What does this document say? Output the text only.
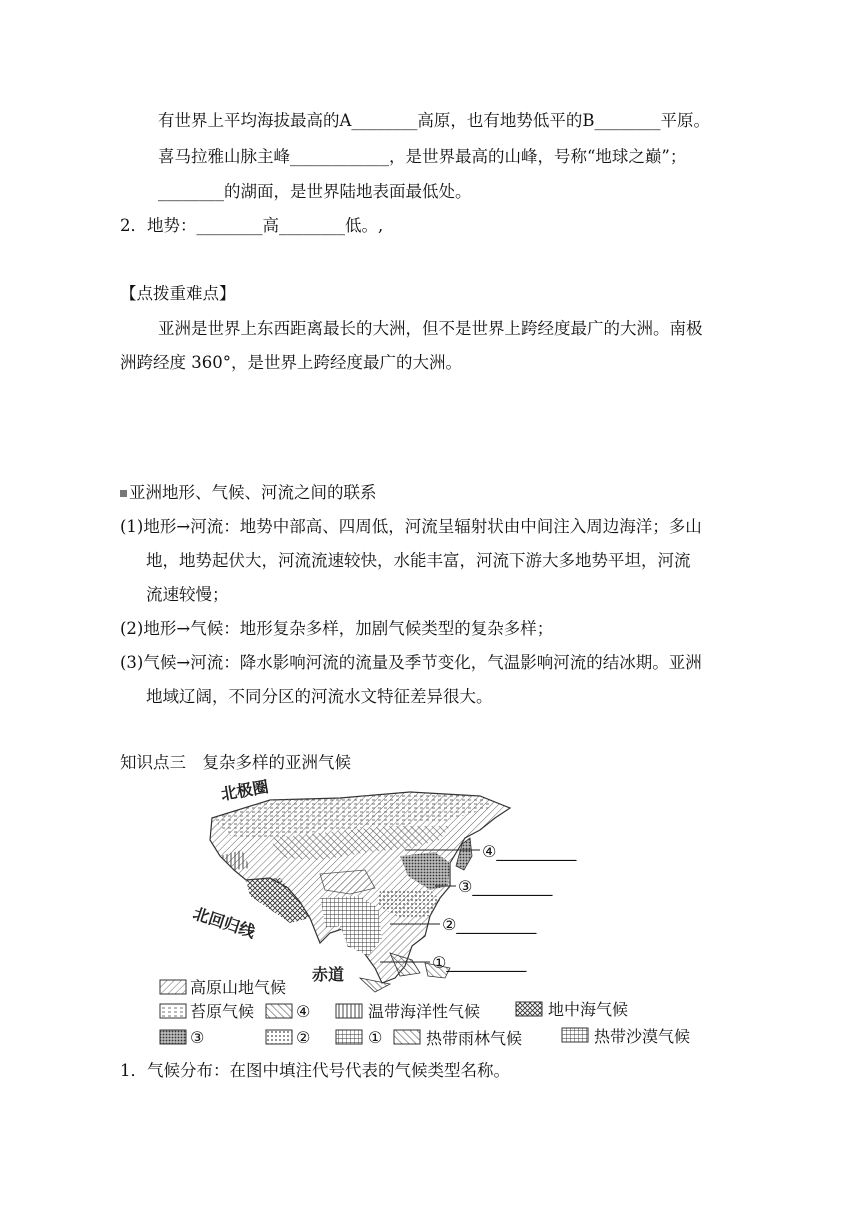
有世界上平均海拔最高的A________高原，也有地势低平的B________平原。
喜马拉雅山脉主峰____________，是世界最高的山峰，号称“地球之巅”；
________的湖面，是世界陆地表面最低处。
2．地势：________高________低。,
【点拨重难点】
亚洲是世界上东西距离最长的大洲，但不是世界上跨经度最广的大洲。南极
洲跨经度 360°，是世界上跨经度最广的大洲。
亚洲地形、气候、河流之间的联系
(1)地形→河流：地势中部高、四周低，河流呈辐射状由中间注入周边海洋；多山
地，地势起伏大，河流流速较快，水能丰富，河流下游大多地势平坦，河流
流速较慢；
(2)地形→气候：地形复杂多样，加剧气候类型的复杂多样；
(3)气候→河流：降水影响河流的流量及季节变化，气温影响河流的结冰期。亚洲
地域辽阔，不同分区的河流水文特征差异很大。
知识点三　复杂多样的亚洲气候
北极圈
北回归线
赤道
④__________
③__________
②__________
①__________
高原山地气候
苔原气候	④	温带海洋性气候	地中海气候
③	②	①	热带雨林气候	热带沙漠气候
1．气候分布：在图中填注代号代表的气候类型名称。
